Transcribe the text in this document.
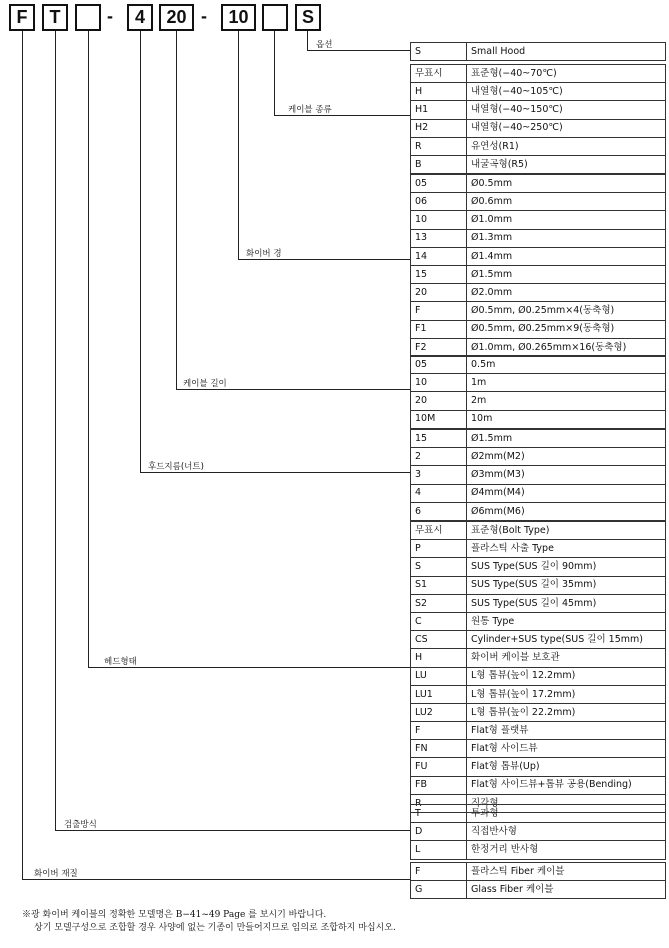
F	T	-	4	20 -	10	S
옵션
케이블 종류
화이버 경
케이블 길이
후드지름(너트)
헤드형태
검출방식
화이버 재질
S	Small Hood
무표시	표준형(−40~70℃)
H	내열형(−40~105℃)
H1	내열형(−40~150℃)
H2	내열형(−40~250℃)
R	유연성(R1)
B	내굴곡형(R5)
05	Ø0.5mm
06	Ø0.6mm
10	Ø1.0mm
13	Ø1.3mm
14	Ø1.4mm
15	Ø1.5mm
20	Ø2.0mm
F	Ø0.5mm, Ø0.25mm×4(동축형)
F1	Ø0.5mm, Ø0.25mm×9(동축형)
F2	Ø1.0mm, Ø0.265mm×16(동축형)
05	0.5m
10	1m
20	2m
10M	10m
15	Ø1.5mm
2	Ø2mm(M2)
3	Ø3mm(M3)
4	Ø4mm(M4)
6	Ø6mm(M6)
무표시	표준형(Bolt Type)
P	플라스틱 사출 Type
S	SUS Type(SUS 길이 90mm)
S1	SUS Type(SUS 길이 35mm)
S2	SUS Type(SUS 길이 45mm)
C	원통 Type
CS	Cylinder+SUS type(SUS 길이 15mm)
H	화이버 케이블 보호관
LU	L형 톱뷰(높이 12.2mm)
LU1	L형 톱뷰(높이 17.2mm)
LU2	L형 톱뷰(높이 22.2mm)
F	Flat형 플랫뷰
FN	Flat형 사이드뷰
FU	Flat형 톱뷰(Up)
FB	Flat형 사이드뷰+톱뷰 공용(Bending)
R	직각형
T	투과형
D	직접반사형
L	한정거리 반사형
F	플라스틱 Fiber 케이블
G	Glass Fiber 케이블
※광 화이버 케이블의 정확한 모델명은 B−41~49 Page 를 보시기 바랍니다.
상기 모델구성으로 조합할 경우 사양에 없는 기종이 만들어지므로 임의로 조합하지 마십시오.
